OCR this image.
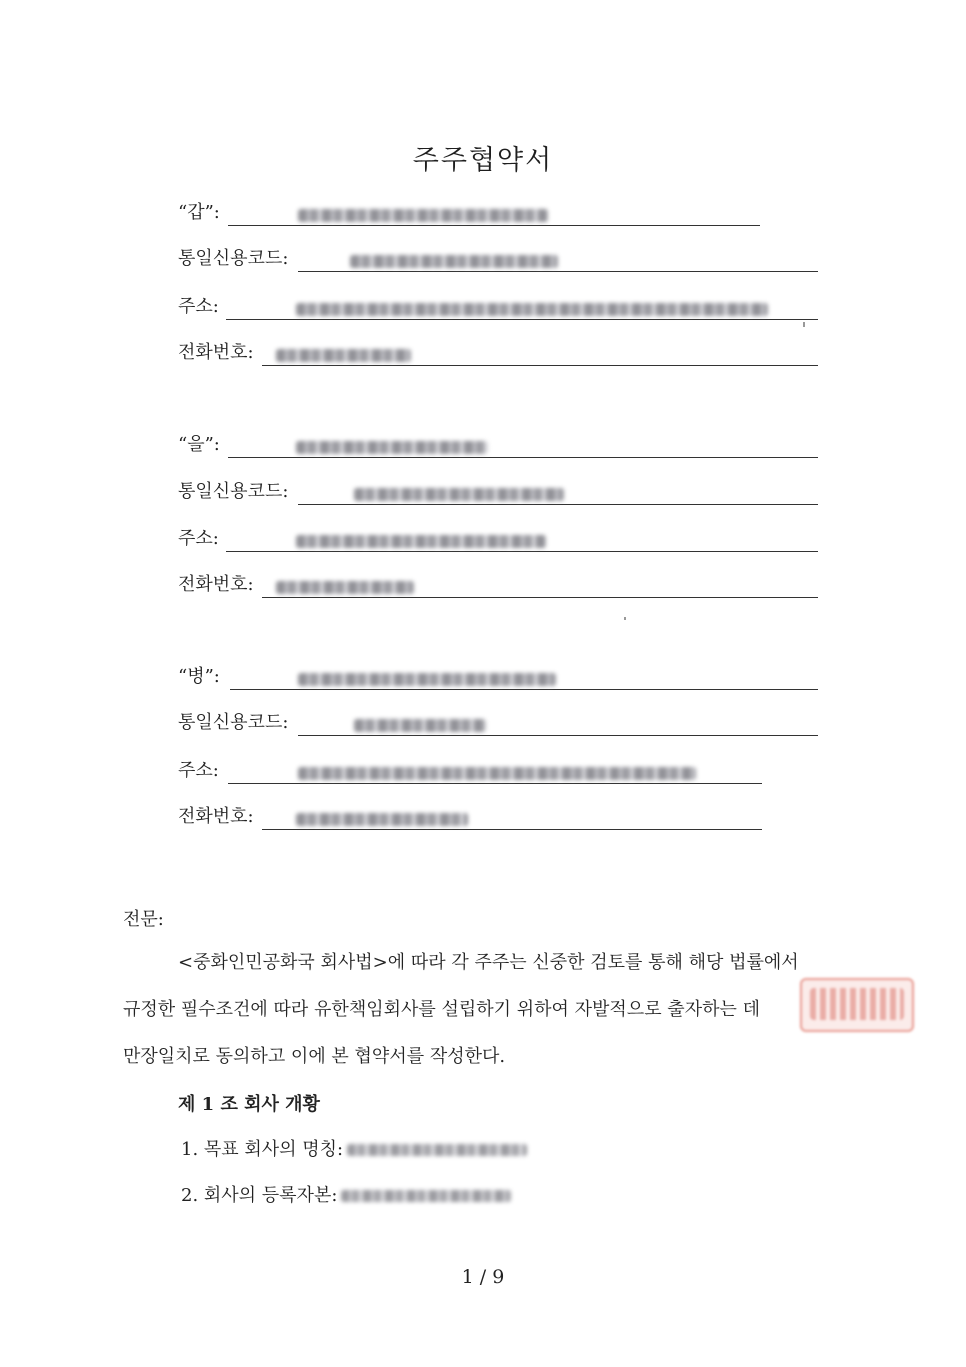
주주협약서
“갑”:
통일신용코드:
주소:
전화번호:
“을”:
통일신용코드:
주소:
전화번호:
“병”:
통일신용코드:
주소:
전화번호:
전문:
<중화인민공화국 회사법>에 따라 각 주주는 신중한 검토를 통해 해당 법률에서
규정한 필수조건에 따라 유한책임회사를 설립하기 위하여 자발적으로 출자하는 데
만장일치로 동의하고 이에 본 협약서를 작성한다.
제 1 조 회사 개황
1. 목표 회사의 명칭:
2. 회사의 등록자본:
1 / 9
